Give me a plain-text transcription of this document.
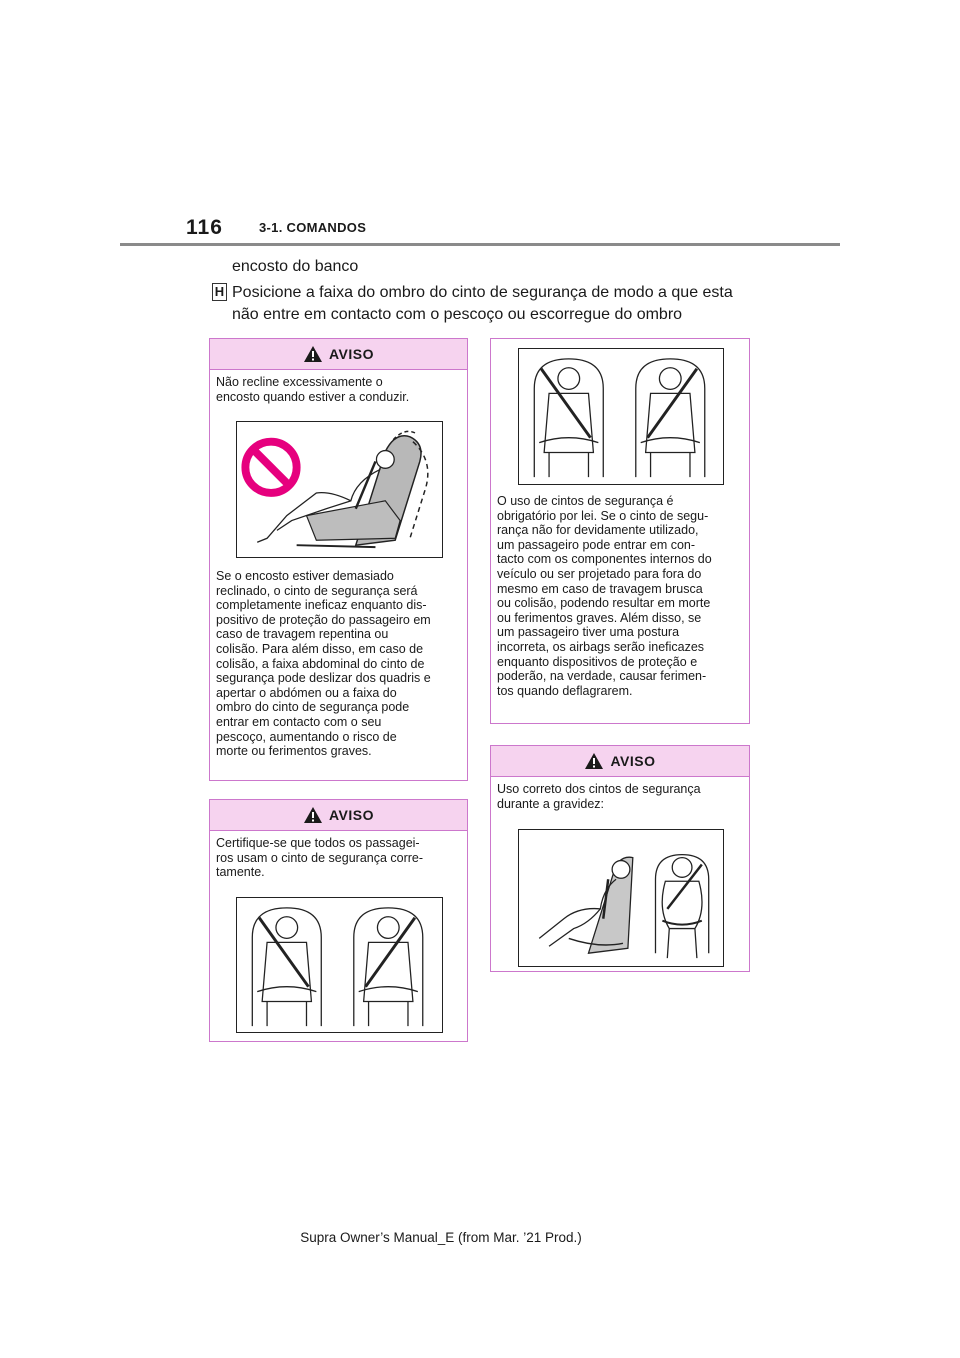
116	3-1. COMANDOS
encosto do banco
H Posicione a faixa do ombro do cinto de segurança de modo a que esta não entre em contacto com o pescoço ou escorregue do ombro
AVISO
Não recline excessivamente o
encosto quando estiver a conduzir.
Se o encosto estiver demasiado
reclinado, o cinto de segurança será
completamente ineficaz enquanto dis-
positivo de proteção do passageiro em
caso de travagem repentina ou
colisão. Para além disso, em caso de
colisão, a faixa abdominal do cinto de
segurança pode deslizar dos quadris e
apertar o abdómen ou a faixa do
ombro do cinto de segurança pode
entrar em contacto com o seu
pescoço, aumentando o risco de
morte ou ferimentos graves.
AVISO
Certifique-se que todos os passagei-
ros usam o cinto de segurança corre-
tamente.
O uso de cintos de segurança é
obrigatório por lei. Se o cinto de segu-
rança não for devidamente utilizado,
um passageiro pode entrar em con-
tacto com os componentes internos do
veículo ou ser projetado para fora do
mesmo em caso de travagem brusca
ou colisão, podendo resultar em morte
ou ferimentos graves. Além disso, se
um passageiro tiver uma postura
incorreta, os airbags serão ineficazes
enquanto dispositivos de proteção e
poderão, na verdade, causar ferimen-
tos quando deflagrarem.
AVISO
Uso correto dos cintos de segurança
durante a gravidez:
Supra Owner’s Manual_E (from Mar. ’21 Prod.)
